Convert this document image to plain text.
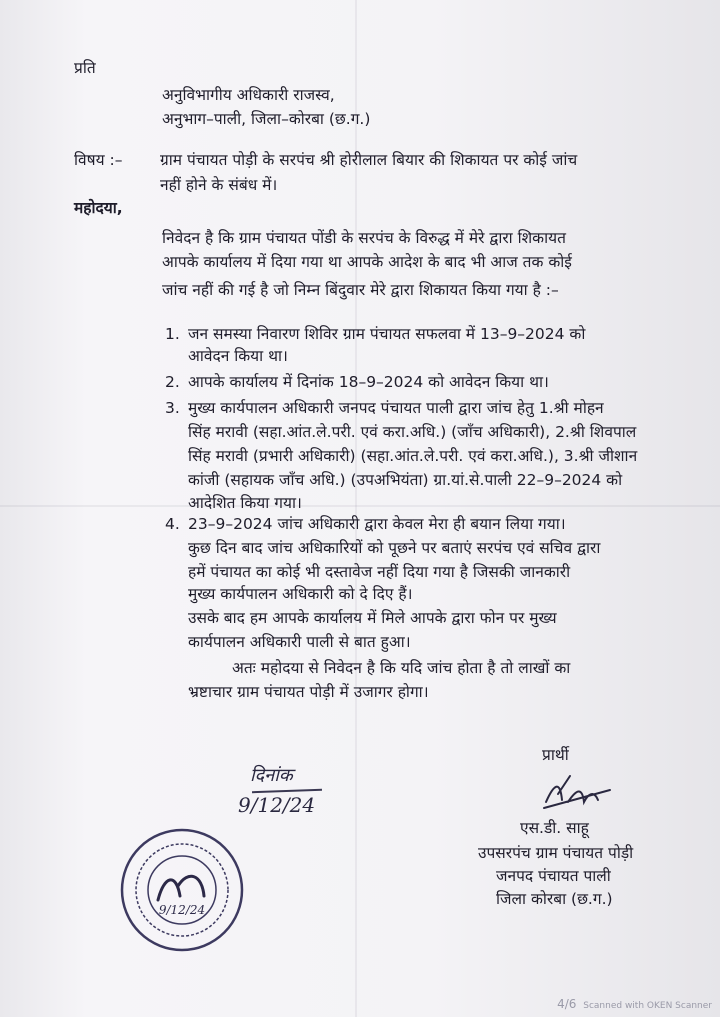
प्रति
अनुविभागीय अधिकारी राजस्व,
अनुभाग–पाली, जिला–कोरबा (छ.ग.)
विषय :– ग्राम पंचायत पोड़ी के सरपंच श्री होरीलाल बियार की शिकायत पर कोई जांच
नहीं होने के संबंध में।
महोदया,
निवेदन है कि ग्राम पंचायत पोंडी के सरपंच के विरुद्ध में मेरे द्वारा शिकायत
आपके कार्यालय में दिया गया था आपके आदेश के बाद भी आज तक कोई
जांच नहीं की गई है जो निम्न बिंदुवार मेरे द्वारा शिकायत किया गया है :–
1. जन समस्या निवारण शिविर ग्राम पंचायत सफलवा में 13–9–2024 को
आवेदन किया था।
2. आपके कार्यालय में दिनांक 18–9–2024 को आवेदन किया था।
3. मुख्य कार्यपालन अधिकारी जनपद पंचायत पाली द्वारा जांच हेतु 1.श्री मोहन
सिंह मरावी (सहा.आंत.ले.परी. एवं करा.अधि.) (जाँच अधिकारी), 2.श्री शिवपाल
सिंह मरावी (प्रभारी अधिकारी) (सहा.आंत.ले.परी. एवं करा.अधि.), 3.श्री जीशान
कांजी (सहायक जाँच अधि.) (उपअभियंता) ग्रा.यां.से.पाली 22–9–2024 को
आदेशित किया गया।
4. 23–9–2024 जांच अधिकारी द्वारा केवल मेरा ही बयान लिया गया।
कुछ दिन बाद जांच अधिकारियों को पूछने पर बताएं सरपंच एवं सचिव द्वारा
हमें पंचायत का कोई भी दस्तावेज नहीं दिया गया है जिसकी जानकारी
मुख्य कार्यपालन अधिकारी को दे दिए हैं।
उसके बाद हम आपके कार्यालय में मिले आपके द्वारा फोन पर मुख्य
कार्यपालन अधिकारी पाली से बात हुआ।
अतः महोदया से निवेदन है कि यदि जांच होता है तो लाखों का
भ्रष्टाचार ग्राम पंचायत पोड़ी में उजागर होगा।
प्रार्थी
एस.डी. साहू
उपसरपंच ग्राम पंचायत पोड़ी
जनपद पंचायत पाली
जिला कोरबा (छ.ग.)
दिनांक
9/12/24
9/12/24
4/6 Scanned with OKEN Scanner
